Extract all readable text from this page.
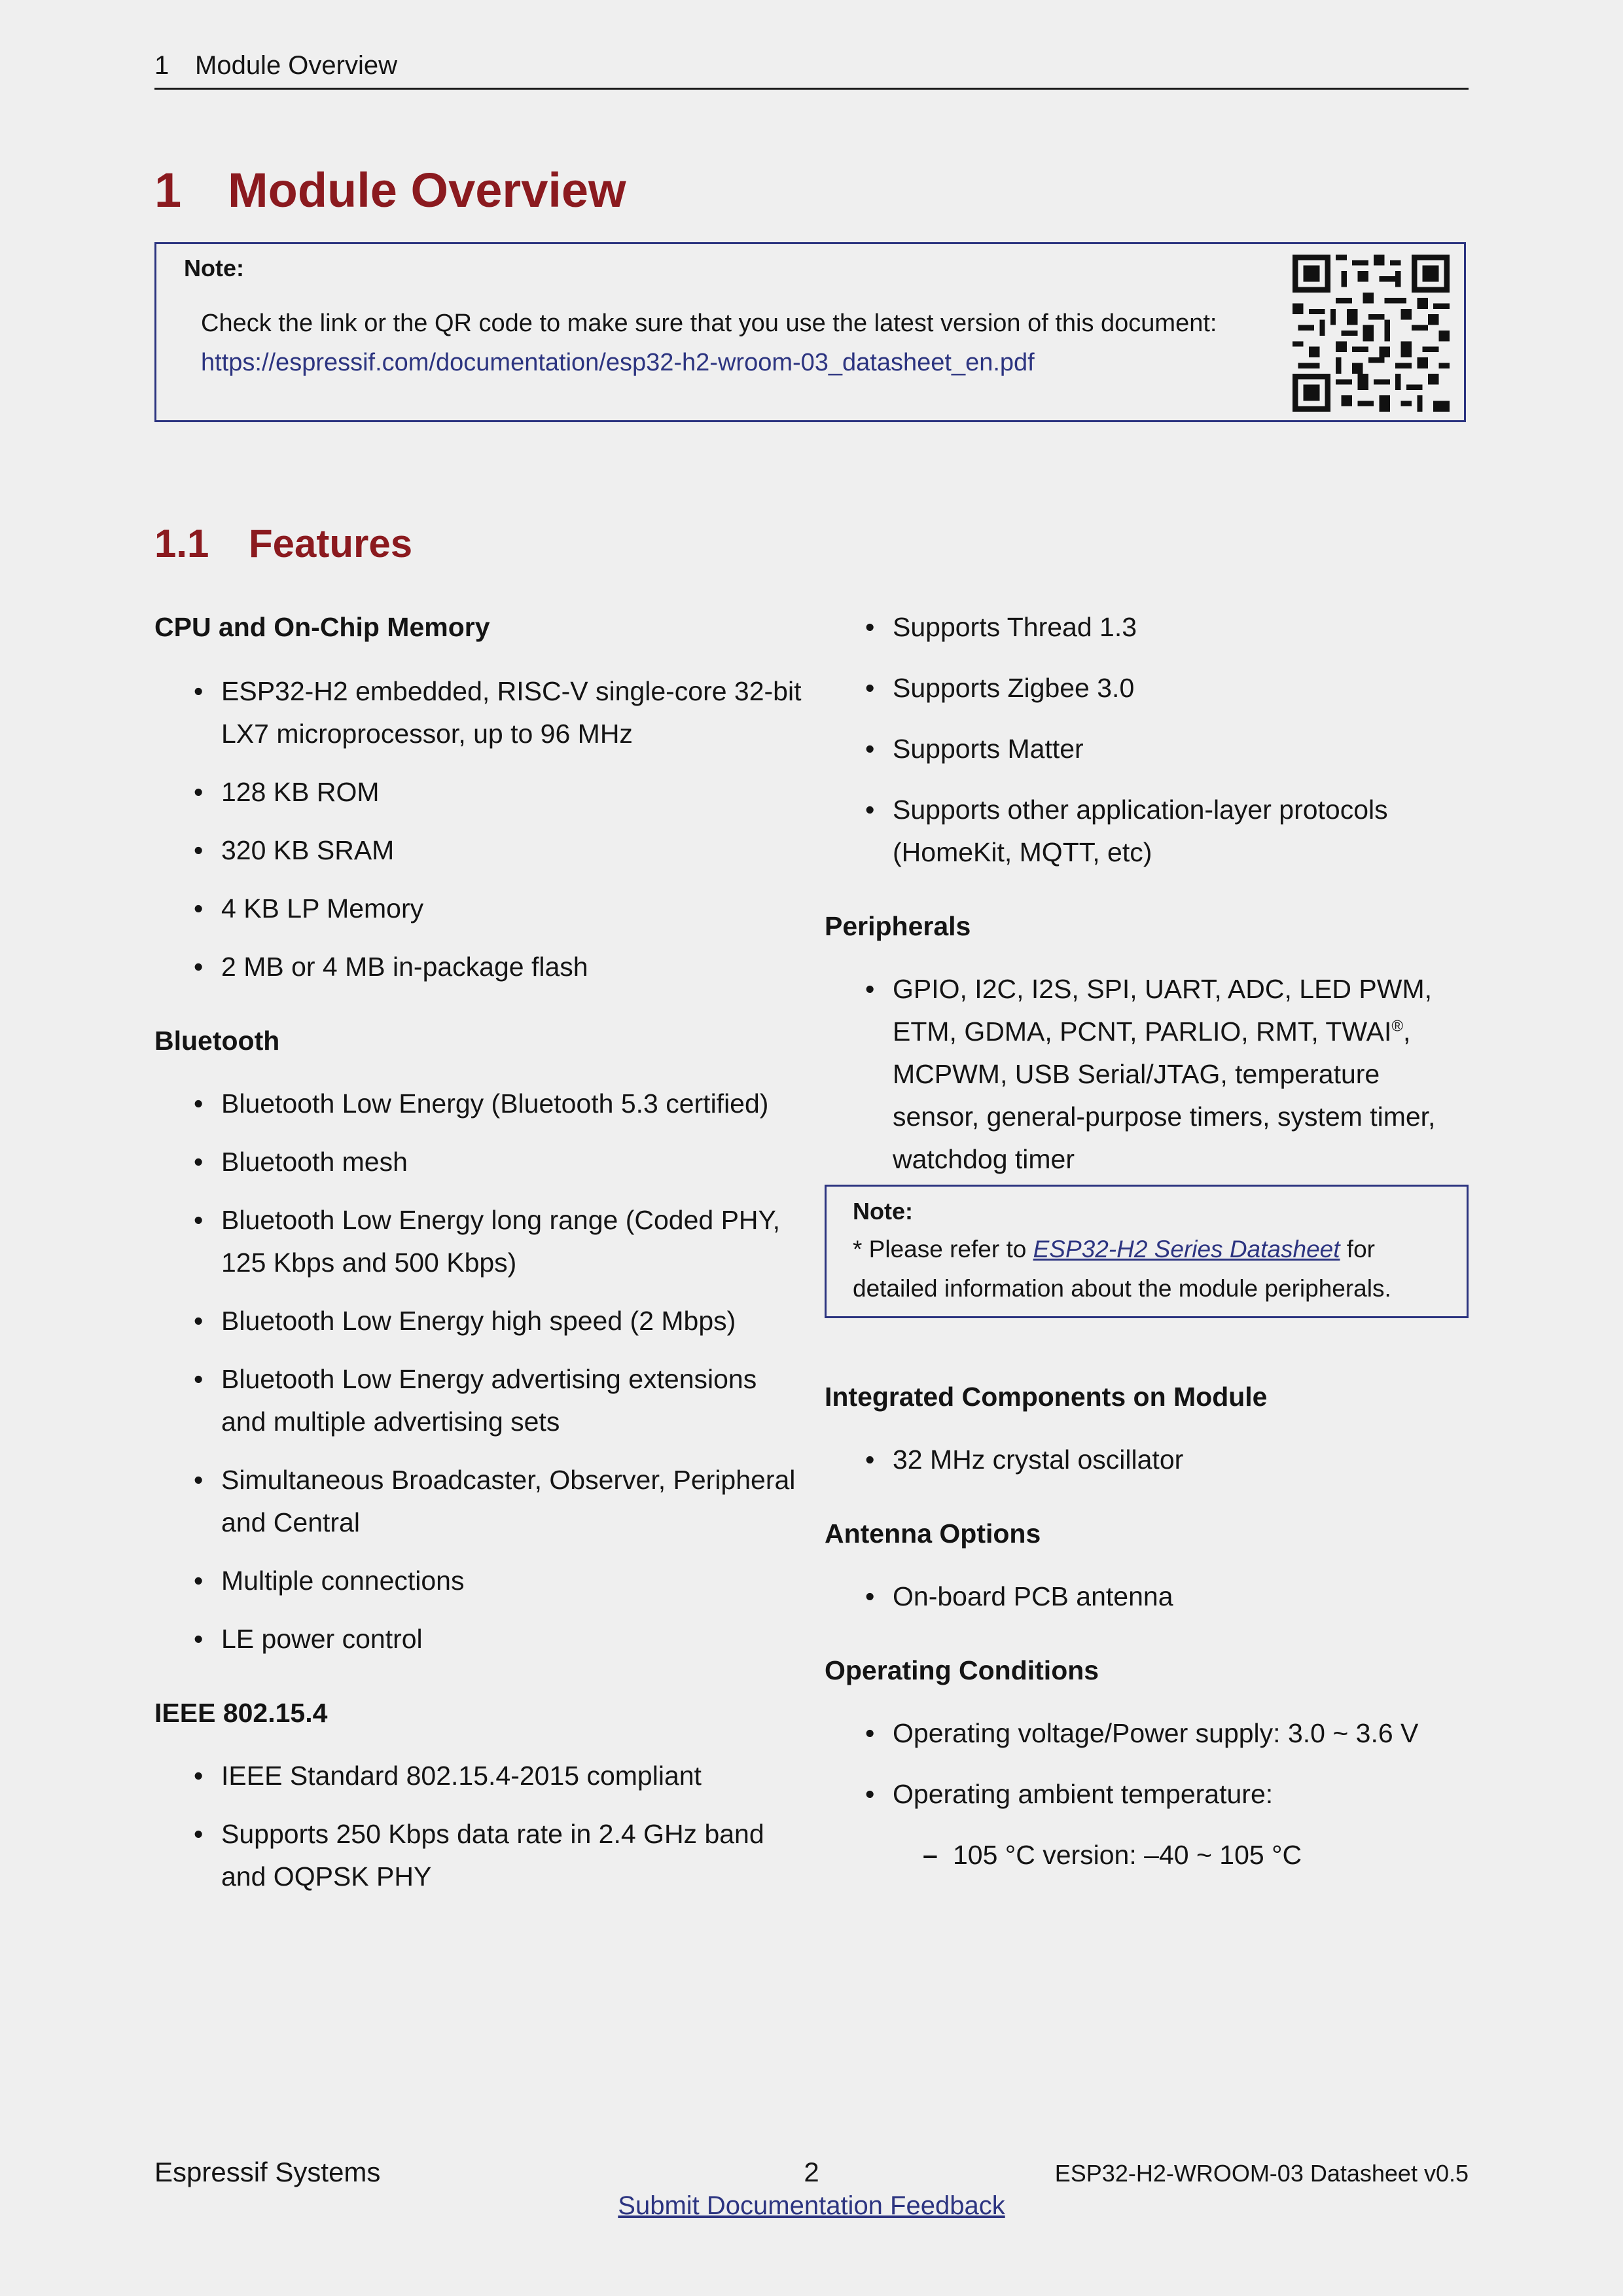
1 Module Overview
1 Module Overview
Note:
Check the link or the QR code to make sure that you use the latest version of this document:
https://espressif.com/documentation/esp32-h2-wroom-03_datasheet_en.pdf
1.1 Features
CPU and On-Chip Memory
• ESP32-H2 embedded, RISC-V single-core 32-bit LX7 microprocessor, up to 96 MHz
• 128 KB ROM
• 320 KB SRAM
• 4 KB LP Memory
• 2 MB or 4 MB in-package flash
Bluetooth
• Bluetooth Low Energy (Bluetooth 5.3 certified)
• Bluetooth mesh
• Bluetooth Low Energy long range (Coded PHY, 125 Kbps and 500 Kbps)
• Bluetooth Low Energy high speed (2 Mbps)
• Bluetooth Low Energy advertising extensions and multiple advertising sets
• Simultaneous Broadcaster, Observer, Peripheral and Central
• Multiple connections
• LE power control
IEEE 802.15.4
• IEEE Standard 802.15.4-2015 compliant
• Supports 250 Kbps data rate in 2.4 GHz band and OQPSK PHY
• Supports Thread 1.3
• Supports Zigbee 3.0
• Supports Matter
• Supports other application-layer protocols (HomeKit, MQTT, etc)
Peripherals
• GPIO, I2C, I2S, SPI, UART, ADC, LED PWM, ETM, GDMA, PCNT, PARLIO, RMT, TWAI®, MCPWM, USB Serial/JTAG, temperature sensor, general-purpose timers, system timer, watchdog timer
Note:
* Please refer to ESP32-H2 Series Datasheet for detailed information about the module peripherals.
Integrated Components on Module
• 32 MHz crystal oscillator
Antenna Options
• On-board PCB antenna
Operating Conditions
• Operating voltage/Power supply: 3.0 ~ 3.6 V
• Operating ambient temperature:
– 105 °C version: –40 ~ 105 °C
Espressif Systems	2	ESP32-H2-WROOM-03 Datasheet v0.5
Submit Documentation Feedback
